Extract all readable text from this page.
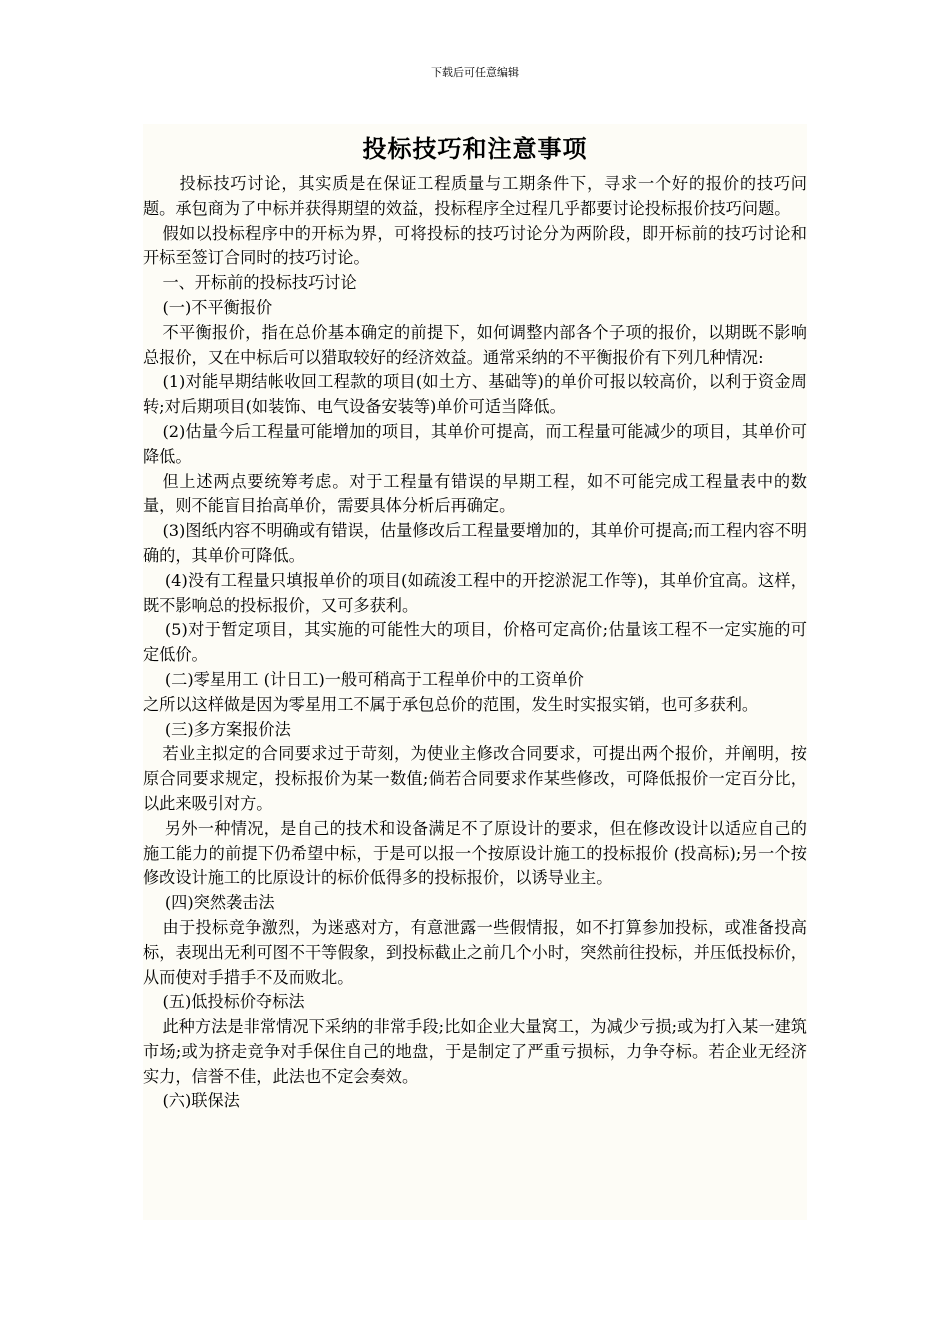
下载后可任意编辑
投标技巧和注意事项

投标技巧讨论，其实质是在保证工程质量与工期条件下，寻求一个好的报价的技巧问题。承包商为了中标并获得期望的效益，投标程序全过程几乎都要讨论投标报价技巧问题。

假如以投标程序中的开标为界，可将投标的技巧讨论分为两阶段，即开标前的技巧讨论和开标至签订合同时的技巧讨论。

一、开标前的投标技巧讨论

(一)不平衡报价

不平衡报价，指在总价基本确定的前提下，如何调整内部各个子项的报价，以期既不影响总报价，又在中标后可以猎取较好的经济效益。通常采纳的不平衡报价有下列几种情况:

(1)对能早期结帐收回工程款的项目(如土方、基础等)的单价可报以较高价，以利于资金周转;对后期项目(如装饰、电气设备安装等)单价可适当降低。

(2)估量今后工程量可能增加的项目，其单价可提高，而工程量可能减少的项目，其单价可降低。

但上述两点要统筹考虑。对于工程量有错误的早期工程，如不可能完成工程量表中的数量，则不能盲目抬高单价，需要具体分析后再确定。

(3)图纸内容不明确或有错误，估量修改后工程量要增加的，其单价可提高;而工程内容不明确的，其单价可降低。

(4)没有工程量只填报单价的项目(如疏浚工程中的开挖淤泥工作等)，其单价宜高。这样，既不影响总的投标报价，又可多获利。

(5)对于暂定项目，其实施的可能性大的项目，价格可定高价;估量该工程不一定实施的可定低价。

(二)零星用工 (计日工)一般可稍高于工程单价中的工资单价

之所以这样做是因为零星用工不属于承包总价的范围，发生时实报实销，也可多获利。

(三)多方案报价法

若业主拟定的合同要求过于苛刻，为使业主修改合同要求，可提出两个报价，并阐明，按原合同要求规定，投标报价为某一数值;倘若合同要求作某些修改，可降低报价一定百分比，以此来吸引对方。

另外一种情况，是自己的技术和设备满足不了原设计的要求，但在修改设计以适应自己的施工能力的前提下仍希望中标，于是可以报一个按原设计施工的投标报价 (投高标);另一个按修改设计施工的比原设计的标价低得多的投标报价，以诱导业主。

(四)突然袭击法

由于投标竞争激烈，为迷惑对方，有意泄露一些假情报，如不打算参加投标，或准备投高标，表现出无利可图不干等假象，到投标截止之前几个小时，突然前往投标，并压低投标价，从而使对手措手不及而败北。

(五)低投标价夺标法

此种方法是非常情况下采纳的非常手段;比如企业大量窝工，为减少亏损;或为打入某一建筑市场;或为挤走竞争对手保住自己的地盘，于是制定了严重亏损标，力争夺标。若企业无经济实力，信誉不佳，此法也不定会奏效。

(六)联保法
